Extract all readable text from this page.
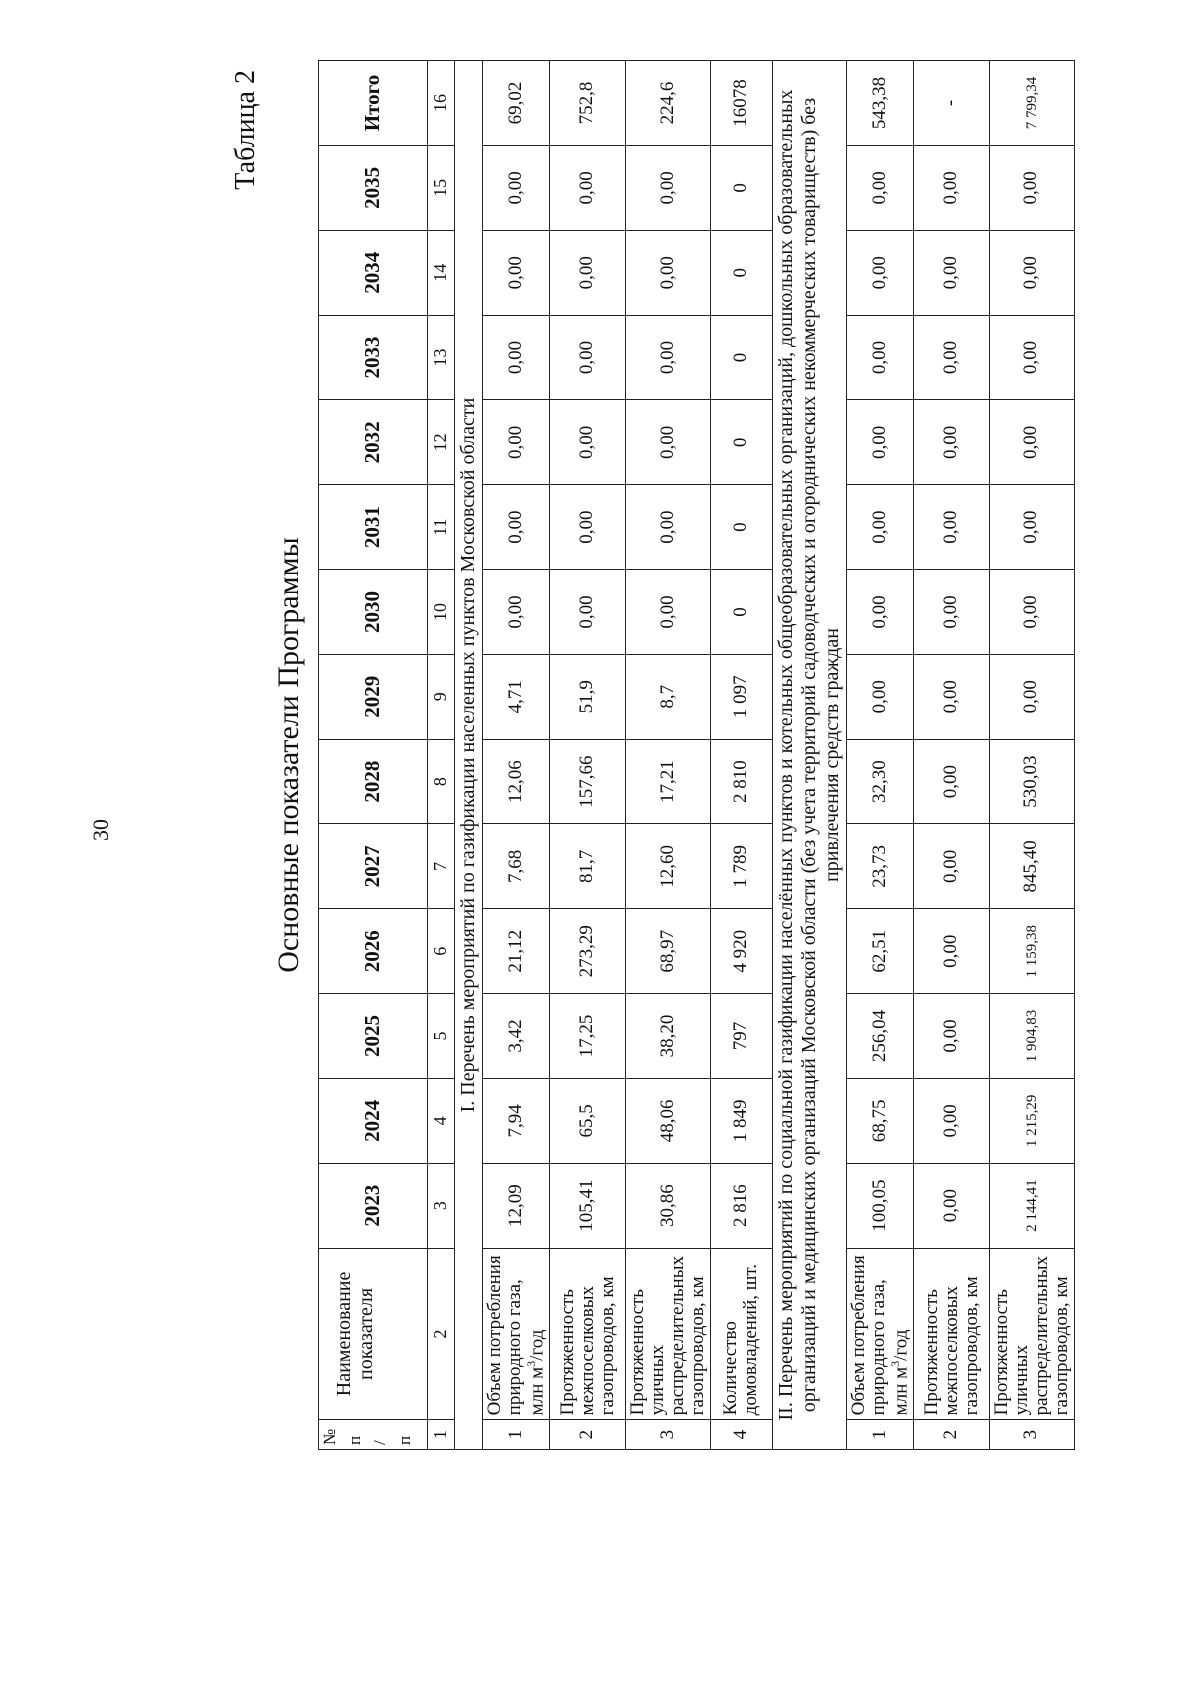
30
Таблица 2
Основные показатели Программы
№ п / п	Наименование показателя	2023	2024	2025	2026	2027	2028	2029	2030	2031	2032	2033	2034	2035	Итого
1	2	3	4	5	6	7	8	9	10	11	12	13	14	15	16
I. Перечень мероприятий по газификации населенных пунктов Московской области															
1	Объем потребления природного газа, млн $м^3$/год	12,09	7,94	3,42	21,12	7,68	12,06	4,71	0,00	0,00	0,00	0,00	0,00	0,00	69,02
2	Протяженность межпоселковых газопроводов, км	105,41	65,5	17,25	273,29	81,7	157,66	51,9	0,00	0,00	0,00	0,00	0,00	0,00	752,8
3	Протяженность уличных распределительных газопроводов, км	30,86	48,06	38,20	68,97	12,60	17,21	8,7	0,00	0,00	0,00	0,00	0,00	0,00	224,6
4	Количество домовладений, шт.	2 816	1 849	797	4 920	1 789	2 810	1 097	0	0	0	0	0	0	16078
II. Перечень мероприятий по социальной газификации населённых пунктов и котельных общеобразовательных организаций, дошкольных образовательных организаций и медицинских организаций Московской области (без учета территорий садоводческих и огороднических некоммерческих товариществ) без привлечения средств граждан															
1	Объем потребления природного газа, млн $м^3$/год	100,05	68,75	256,04	62,51	23,73	32,30	0,00	0,00	0,00	0,00	0,00	0,00	0,00	543,38
2	Протяженность межпоселковых газопроводов, км	0,00	0,00	0,00	0,00	0,00	0,00	0,00	0,00	0,00	0,00	0,00	0,00	0,00	-
3	Протяженность уличных распределительных газопроводов, км	2 144,41	1 215,29	1 904,83	1 159,38	845,40	530,03	0,00	0,00	0,00	0,00	0,00	0,00	0,00	7 799,34
